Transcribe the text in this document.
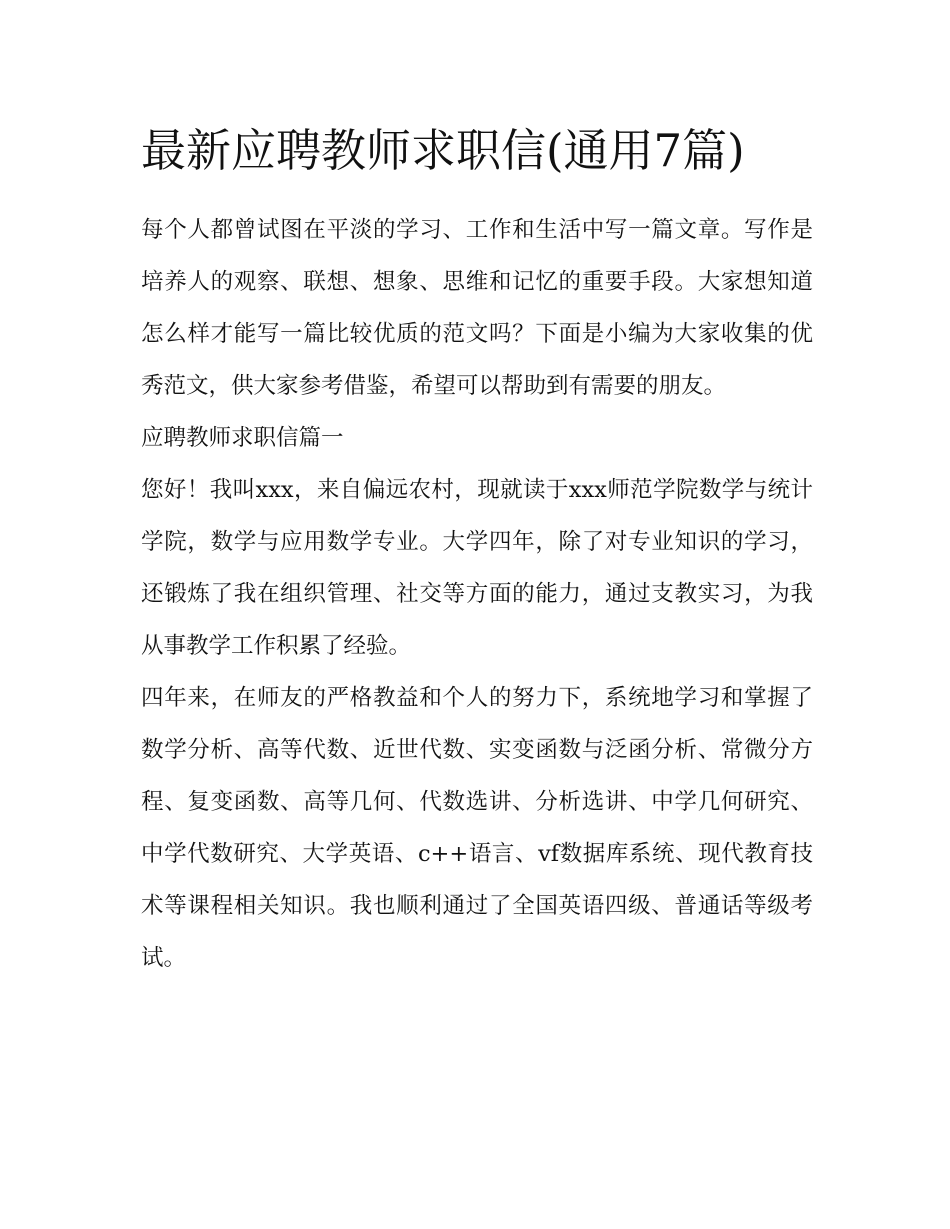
最新应聘教师求职信(通用7篇)

每个人都曾试图在平淡的学习、工作和生活中写一篇文章。写作是培养人的观察、联想、想象、思维和记忆的重要手段。大家想知道怎么样才能写一篇比较优质的范文吗？下面是小编为大家收集的优秀范文，供大家参考借鉴，希望可以帮助到有需要的朋友。

应聘教师求职信篇一

您好！我叫xxx，来自偏远农村，现就读于xxx师范学院数学与统计学院，数学与应用数学专业。大学四年，除了对专业知识的学习，还锻炼了我在组织管理、社交等方面的能力，通过支教实习，为我从事教学工作积累了经验。

四年来，在师友的严格教益和个人的努力下，系统地学习和掌握了数学分析、高等代数、近世代数、实变函数与泛函分析、常微分方程、复变函数、高等几何、代数选讲、分析选讲、中学几何研究、中学代数研究、大学英语、c++语言、vf数据库系统、现代教育技术等课程相关知识。我也顺利通过了全国英语四级、普通话等级考试。
